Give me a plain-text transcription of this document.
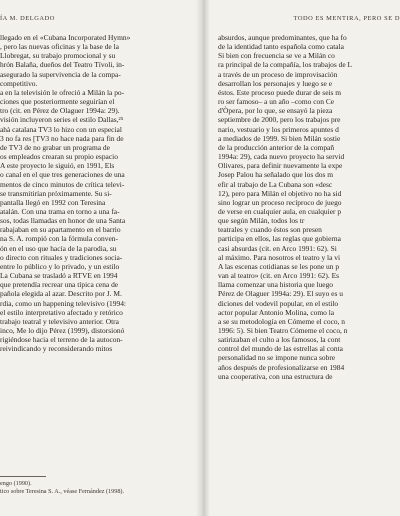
ÍA M. DELGADO
llegado en el «Cubana Incorporated Hymn»
, pero las nuevas oficinas y la base de la
Llobregat, su trabajo promocional y su
hrón Balaña, dueños del Teatro Tívoli, in-
asegurado la supervivencia de la compa-
competitivo.
a en la televisión le ofreció a Milán la po-
ciones que posteriormente seguirían el
tro (cit. en Pérez de Olaguer 1994a: 29).
visión incluyeron series el estilo Dallas,²⁵
ahà catalana TV3 lo hizo con un especial
3 no fa res [TV3 no hace nada para fin de
de TV3 de no grabar un programa de
os empleados crearan su propio espacio
A este proyecto le siguió, en 1991, Els
o canal en el que tres generaciones de una
mentos de cinco minutos de crítica televi-
se transmitirían próximamente. Su si-
pantalla llegó en 1992 con Teresina
atalán. Con una trama en torno a una fa-
sos, todas llamadas en honor de una Santa
rabajaban en su apartamento en el barrio
na S. A. rompió con la fórmula conven-
ón en el uso que hacía de la parodia, su
o directo con rituales y tradiciones socia-
entre lo público y lo privado, y un estilo
La Cubana se trasladó a RTVE en 1994
que pretendía recrear una típica cena de
pañola elegida al azar. Descrito por J. M.
rdia, como un happening televisivo (1994:
el estilo interpretativo afectado y retórico
trabajo teatral y televisivo anterior. Otra
inco, Me lo dijo Pérez (1999), distorsionó
rigiéndose hacia el terreno de la autocon-
reivindicando y reconsiderando mitos
engo (1990).
tico sobre Teresina S. A., véase Fernández (1998).
TODO ES MENTIRA, PERO SE D
absurdos, aunque predominantes, que ha fo
de la identidad tanto española como catala
Si bien con frecuencia se ve a Milán co
ra principal de la compañía, los trabajos de L
a través de un proceso de improvisación
desarrollan los personajes y luego se e
éstos. Este proceso puede durar de seis m
ro ser famoso– a un año –como con Ce
d'Òpera, por lo que, se ensayó la pieza
septiembre de 2000, pero los trabajos pre
nario, vestuario y los primeros apuntes d
a mediados de 1999. Si bien Milán sostie
de la producción anterior de la compañ
1994a: 29), cada nuevo proyecto ha servid
Olivares, para definir nuevamente la expe
Josep Palou ha señalado que los dos m
efir al trabajo de La Cubana son «desc
12), pero para Milán el objetivo no ha sid
sino lograr un proceso recíproco de juego
de verse en cualquier aula, en cualquier p
que según Milán, todos los tr
teatrales y cuando éstos son presen
participa en ellos, las reglas que gobierna
casi absurdas (cit. en Arco 1991: 62). Si
al máximo. Para nosotros el teatro y la vi
A las escenas cotidianas se les pone un p
van al teatro» (cit. en Arco 1991: 62). Es
llama comenzar una historia que luego
Pérez de Olaguer 1994a: 29). El suyo es u
diciones del vodevil popular, en el estilo
actor popular Antonio Molina, como la
a se su metodología en Cómeme el coco, n
1996: 5). Si bien Teatro Cómeme el coco, n
satirizaban el culto a los famosos, la cont
control del mundo de las estrellas al conta
personalidad no se impone nunca sobre
años después de profesionalizarse en 1984
una cooperativa, con una estructura de
